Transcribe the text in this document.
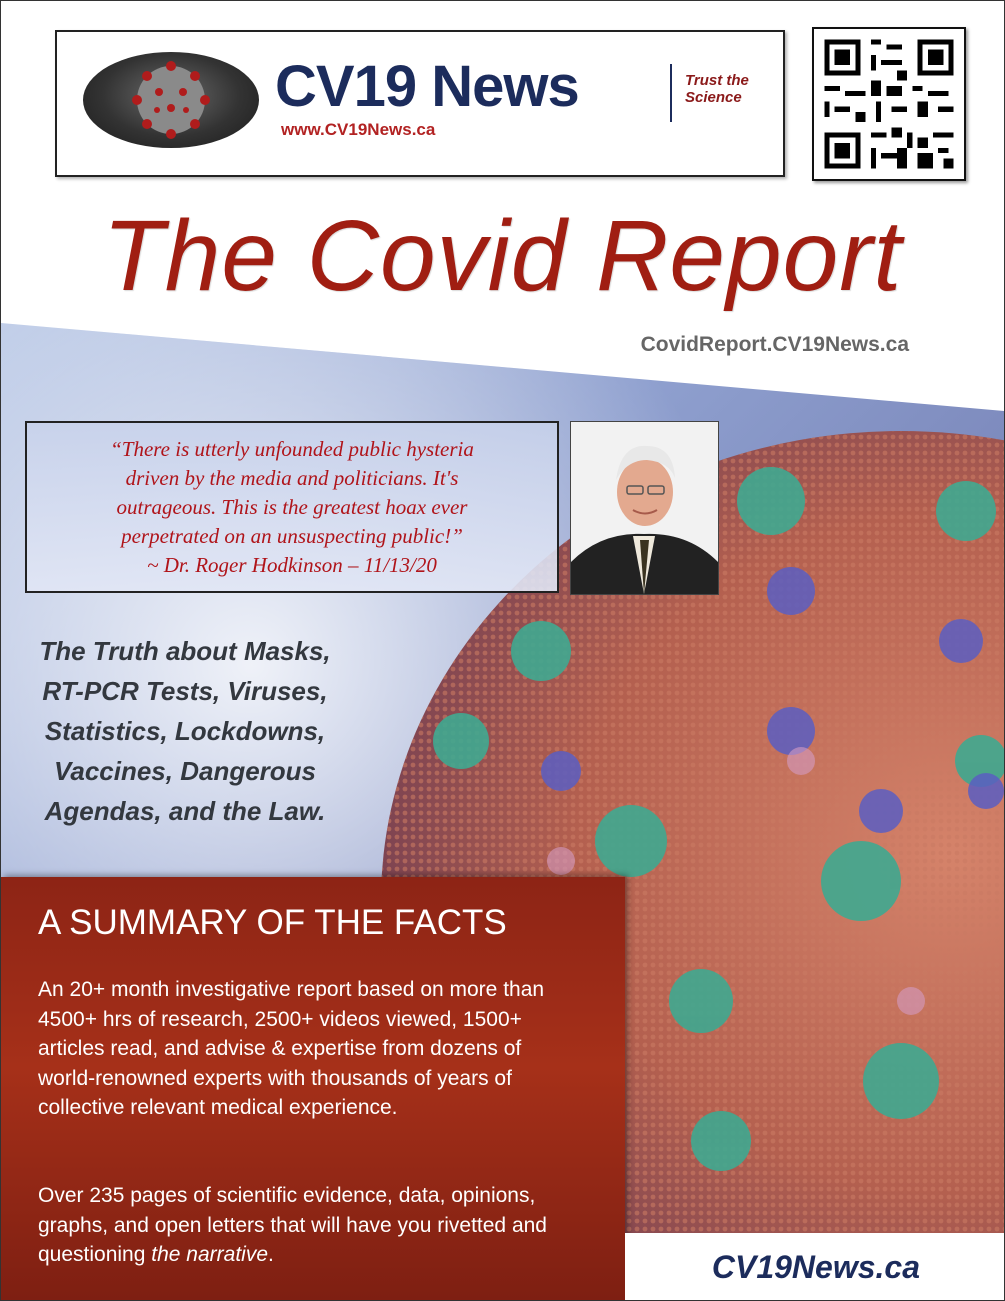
CV19 News
www.CV19News.ca
Trust the
Science
The Covid Report
CovidReport.CV19News.ca
“There is utterly unfounded public hysteria
driven by the media and politicians. It's
outrageous. This is the greatest hoax ever
perpetrated on an unsuspecting public!”
~ Dr. Roger Hodkinson – 11/13/20
The Truth about Masks,
RT-PCR Tests, Viruses,
Statistics, Lockdowns,
Vaccines, Dangerous
Agendas, and the Law.
A SUMMARY OF THE FACTS
An 20+ month investigative report based on more than 4500+ hrs of research, 2500+ videos viewed, 1500+ articles read, and advise & expertise from dozens of world-renowned experts with thousands of years of collective relevant medical experience.
Over 235 pages of scientific evidence, data, opinions, graphs, and open letters that will have you rivetted and questioning the narrative.	CV19News.ca
